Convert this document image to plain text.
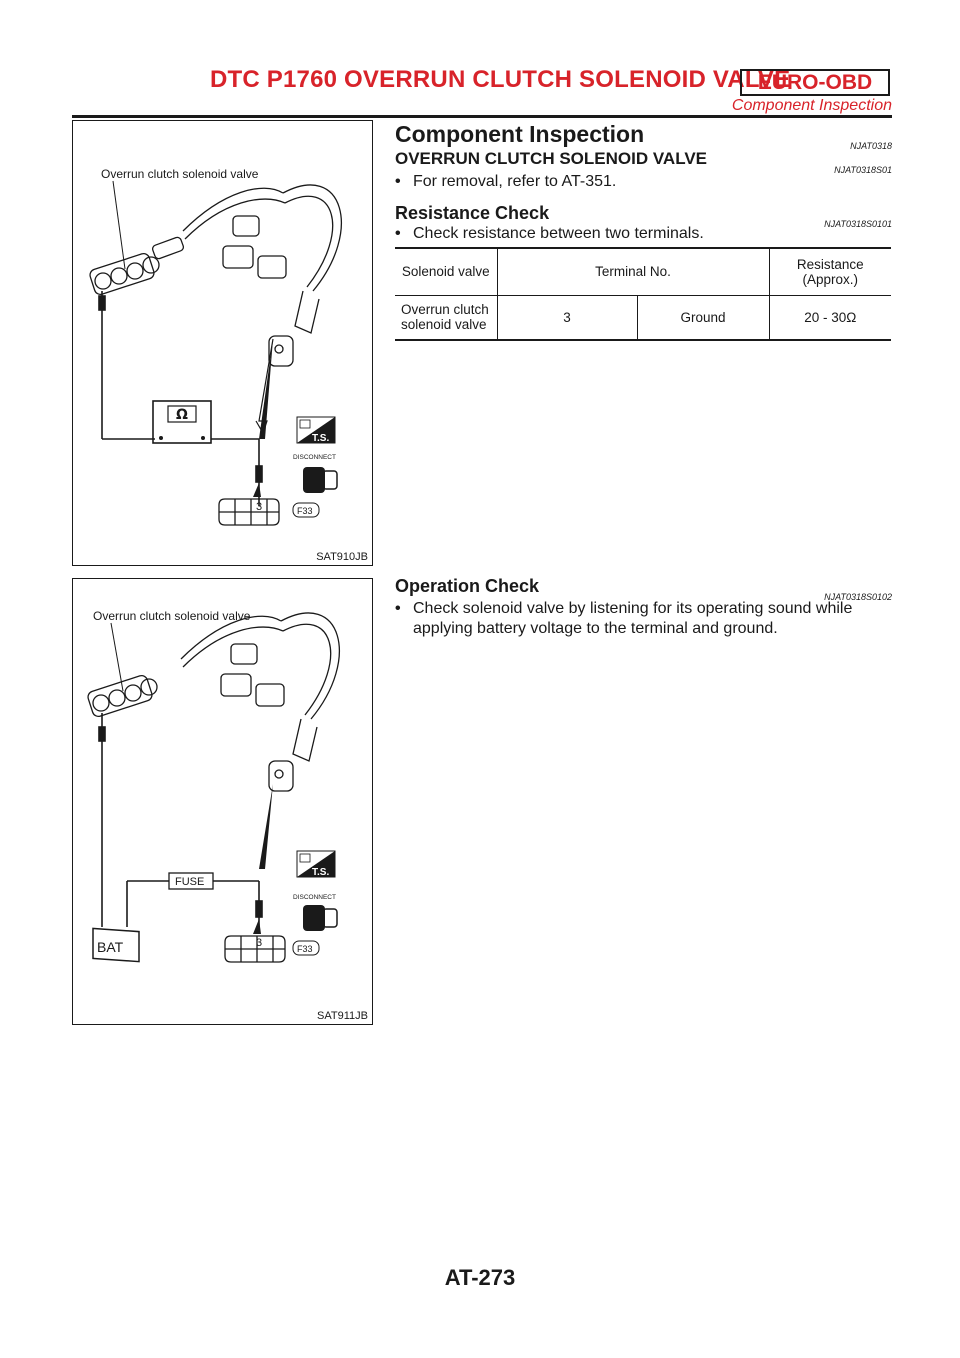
DTC P1760 OVERRUN CLUTCH SOLENOID VALVE
EURO-OBD
Component Inspection
Overrun clutch solenoid valve
Ω
T.S.
DISCONNECT
3	F33
SAT910JB
Overrun clutch solenoid valve
FUSE
BAT
T.S.
DISCONNECT
3	F33
SAT911JB
Component Inspection	NJAT0318
OVERRUN CLUTCH SOLENOID VALVE
NJAT0318S01
• For removal, refer to AT-351.
Resistance Check
NJAT0318S0101
• Check resistance between two terminals.
Solenoid valve	Terminal No.		Resistance (Approx.)
Overrun clutch solenoid valve	3	Ground	20 - 30Ω
Operation Check
NJAT0318S0102
• Check solenoid valve by listening for its operating sound while
applying battery voltage to the terminal and ground.
AT-273
